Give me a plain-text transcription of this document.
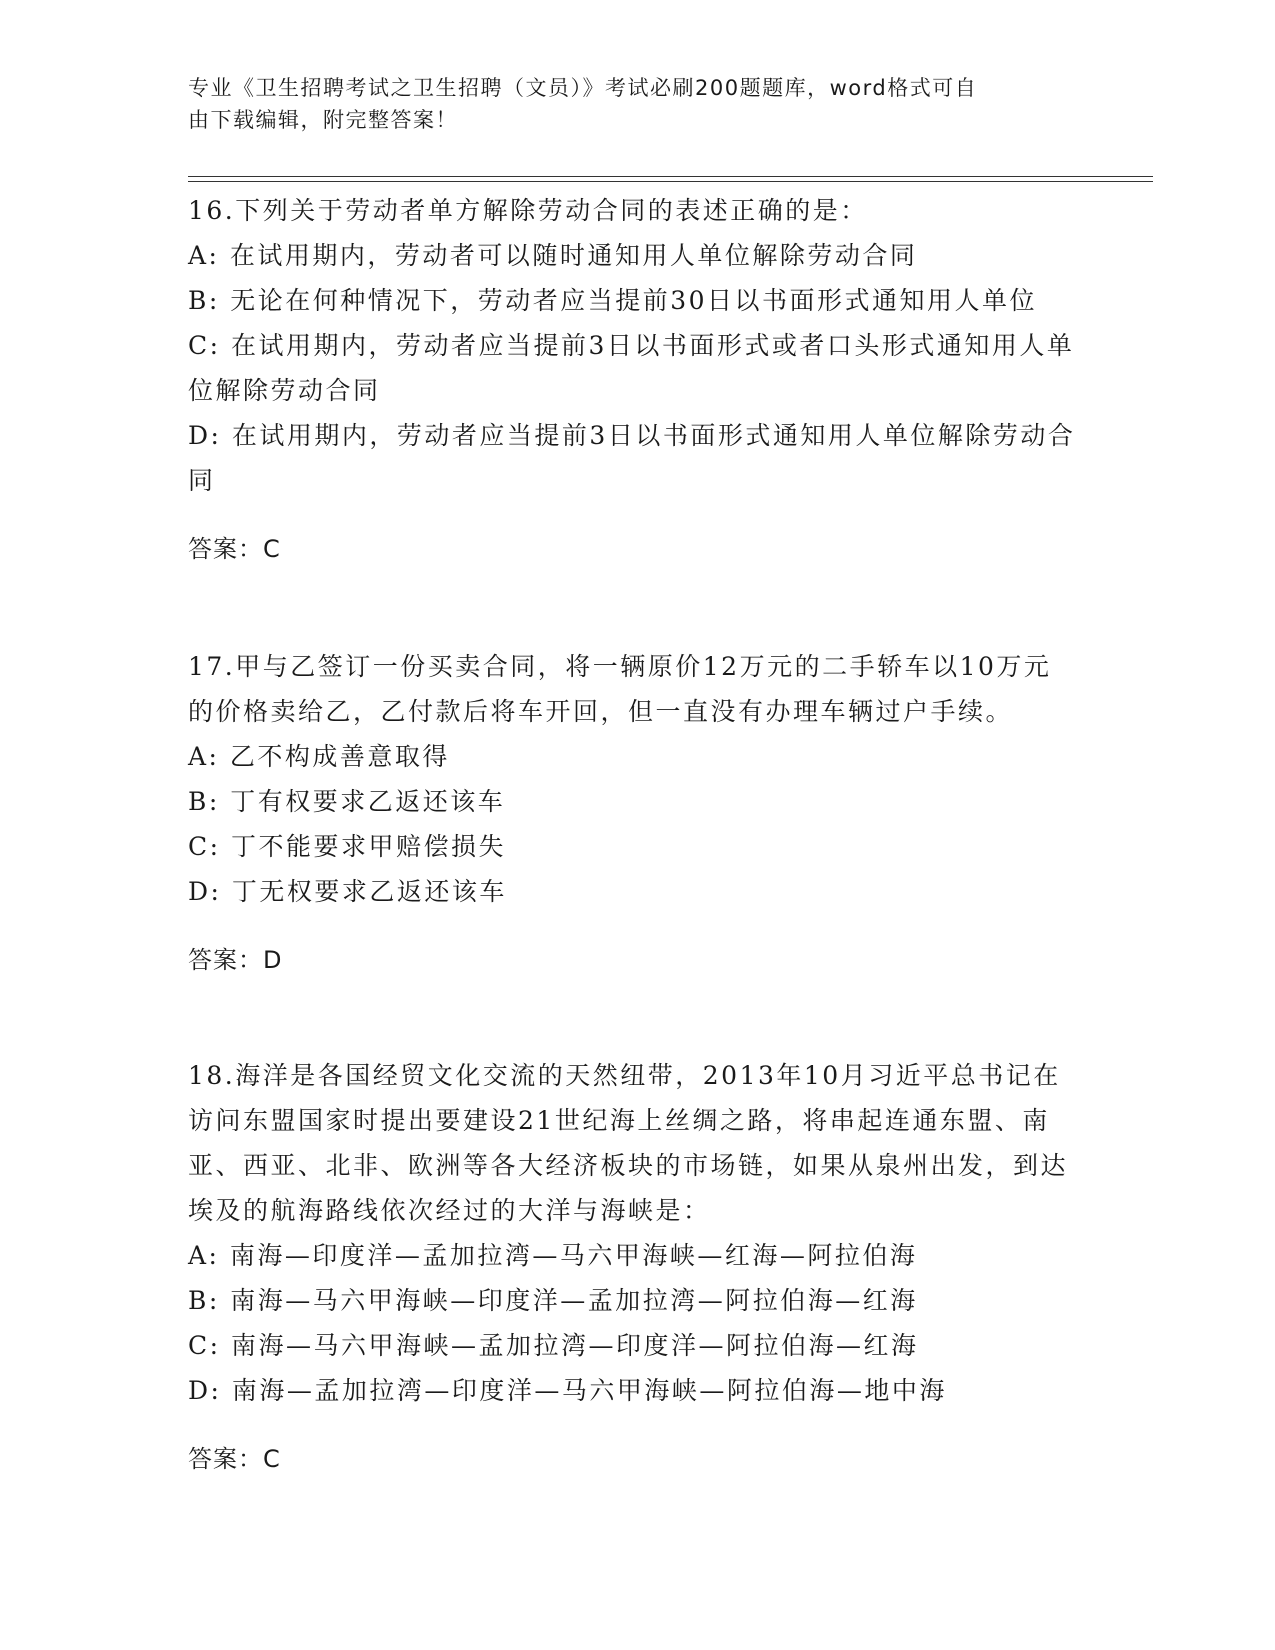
专业《卫生招聘考试之卫生招聘（文员）》考试必刷200题题库，word格式可自
由下载编辑，附完整答案！

16.下列关于劳动者单方解除劳动合同的表述正确的是：

A: 在试用期内，劳动者可以随时通知用人单位解除劳动合同

B: 无论在何种情况下，劳动者应当提前30日以书面形式通知用人单位

C: 在试用期内，劳动者应当提前3日以书面形式或者口头形式通知用人单位解除劳动合同

D: 在试用期内，劳动者应当提前3日以书面形式通知用人单位解除劳动合同

答案：C

17.甲与乙签订一份买卖合同，将一辆原价12万元的二手轿车以10万元的价格卖给乙，乙付款后将车开回，但一直没有办理车辆过户手续。

A: 乙不构成善意取得

B: 丁有权要求乙返还该车

C: 丁不能要求甲赔偿损失

D: 丁无权要求乙返还该车

答案：D

18.海洋是各国经贸文化交流的天然纽带，2013年10月习近平总书记在访问东盟国家时提出要建设21世纪海上丝绸之路，将串起连通东盟、南亚、西亚、北非、欧洲等各大经济板块的市场链，如果从泉州出发，到达埃及的航海路线依次经过的大洋与海峡是：

A: 南海—印度洋—孟加拉湾—马六甲海峡—红海—阿拉伯海

B: 南海—马六甲海峡—印度洋—孟加拉湾—阿拉伯海—红海

C: 南海—马六甲海峡—孟加拉湾—印度洋—阿拉伯海—红海

D: 南海—孟加拉湾—印度洋—马六甲海峡—阿拉伯海—地中海

答案：C
